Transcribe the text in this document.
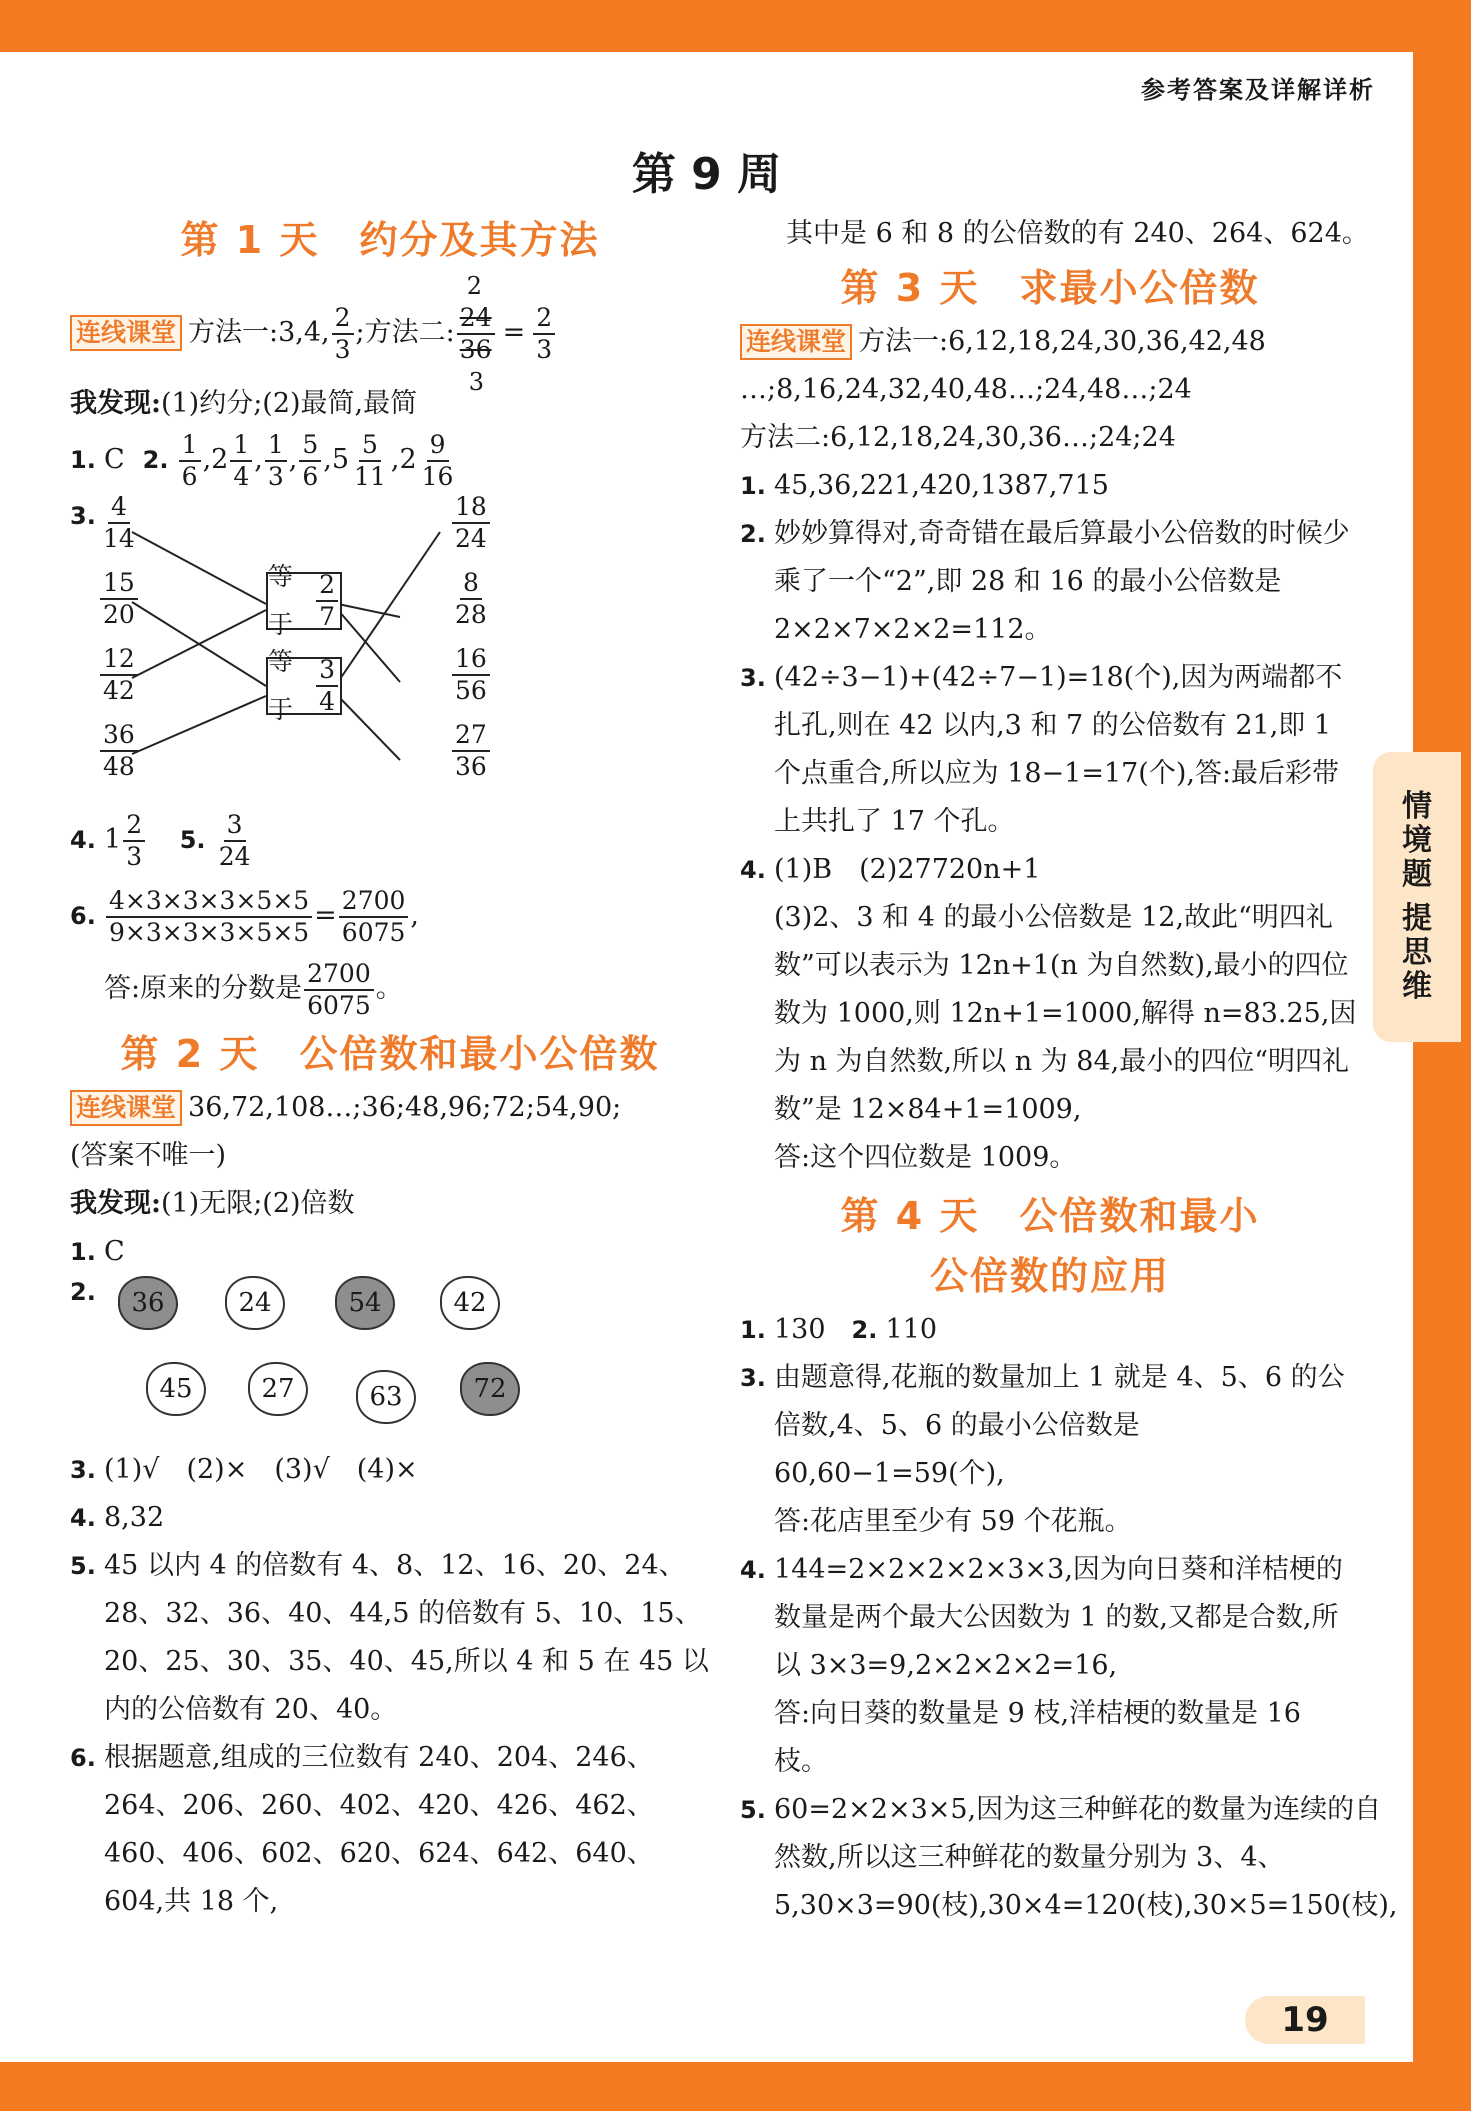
参考答案及详解详析
第 9 周
第 1 天　约分及其方法
连线课堂 方法一:3,4, $\frac{2}{3}$ ;方法二:
2
24
36
3
= $\frac{2}{3}$
我发现:(1)约分;(2)最简,最简
1. C 2. $\frac{1}{6} ,2 \frac{1}{4}$ , $\frac{1}{3}$ , $\frac{5}{6} ,5 \frac{5}{11} ,2 \frac{9}{16}$
3. $\frac{4}{14}$
$\frac{15}{20}$
$\frac{12}{42}$
$\frac{36}{48}$
$\frac{18}{24}$
$\frac{8}{28}$
$\frac{16}{56}$
$\frac{27}{36}$
等于 $\frac{2}{7}$
等于 $\frac{3}{4}$
4. $1 \frac{2}{3} 5$. $\frac{3}{24}$
6. $\frac{4\times 3\times 3\times 3\times 5\times 5}{9\times 3\times 3\times 3\times 5\times 5} = \frac{2700}{6075}$ ,
答:原来的分数是 $\frac{2700}{6075}$ 。
第 2 天　公倍数和最小公倍数
连线课堂 36,72,108…;36;48,96;72;54,90;
(答案不唯一)
我发现:(1)无限;(2)倍数
1. C
2.	36	24	54	42
45	27	63	72
3. (1)√　(2)×　(3)√　(4)×
4. 8,32
5. 45 以内 4 的倍数有 4、8、12、16、20、24、28、32、36、40、44,5 的倍数有 5、10、15、20、25、30、35、40、45,所以 4 和 5 在 45 以内的公倍数有 20、40。
6. 根据题意,组成的三位数有 240、204、246、264、206、260、402、420、426、462、460、406、602、620、624、642、640、604,共 18 个,
其中是 6 和 8 的公倍数的有 240、264、624。
第 3 天　求最小公倍数
连线课堂 方法一:6,12,18,24,30,36,42,48
…;8,16,24,32,40,48…;24,48…;24
方法二:6,12,18,24,30,36…;24;24
1. 45,36,221,420,1387,715
2. 妙妙算得对,奇奇错在最后算最小公倍数的时候少乘了一个“2”,即 28 和 16 的最小公倍数是 2×2×7×2×2=112。
3. (42÷3−1)+(42÷7−1)=18(个),因为两端都不扎孔,则在 42 以内,3 和 7 的公倍数有 21,即 1 个点重合,所以应为 18−1=17(个),答:最后彩带上共扎了 17 个孔。
4. (1)B　(2)27720n+1
(3)2、3 和 4 的最小公倍数是 12,故此“明四礼数”可以表示为 12n+1(n 为自然数),最小的四位数为 1000,则 12n+1=1000,解得 n=83.25,因为 n 为自然数,所以 n 为 84,最小的四位“明四礼数”是 12×84+1=1009,
答:这个四位数是 1009。
第 4 天　公倍数和最小
公倍数的应用
1. 130 2. 110
3. 由题意得,花瓶的数量加上 1 就是 4、5、6 的公倍数,4、5、6 的最小公倍数是 60,60−1=59(个),
答:花店里至少有 59 个花瓶。
4. 144=2×2×2×2×3×3,因为向日葵和洋桔梗的数量是两个最大公因数为 1 的数,又都是合数,所以 3×3=9,2×2×2×2=16,
答:向日葵的数量是 9 枝,洋桔梗的数量是 16 枝。
5. 60=2×2×3×5,因为这三种鲜花的数量为连续的自然数,所以这三种鲜花的数量分别为 3、4、5,30×3=90(枝),30×4=120(枝),30×5=150(枝),
情
境
题
提
思
维
19
